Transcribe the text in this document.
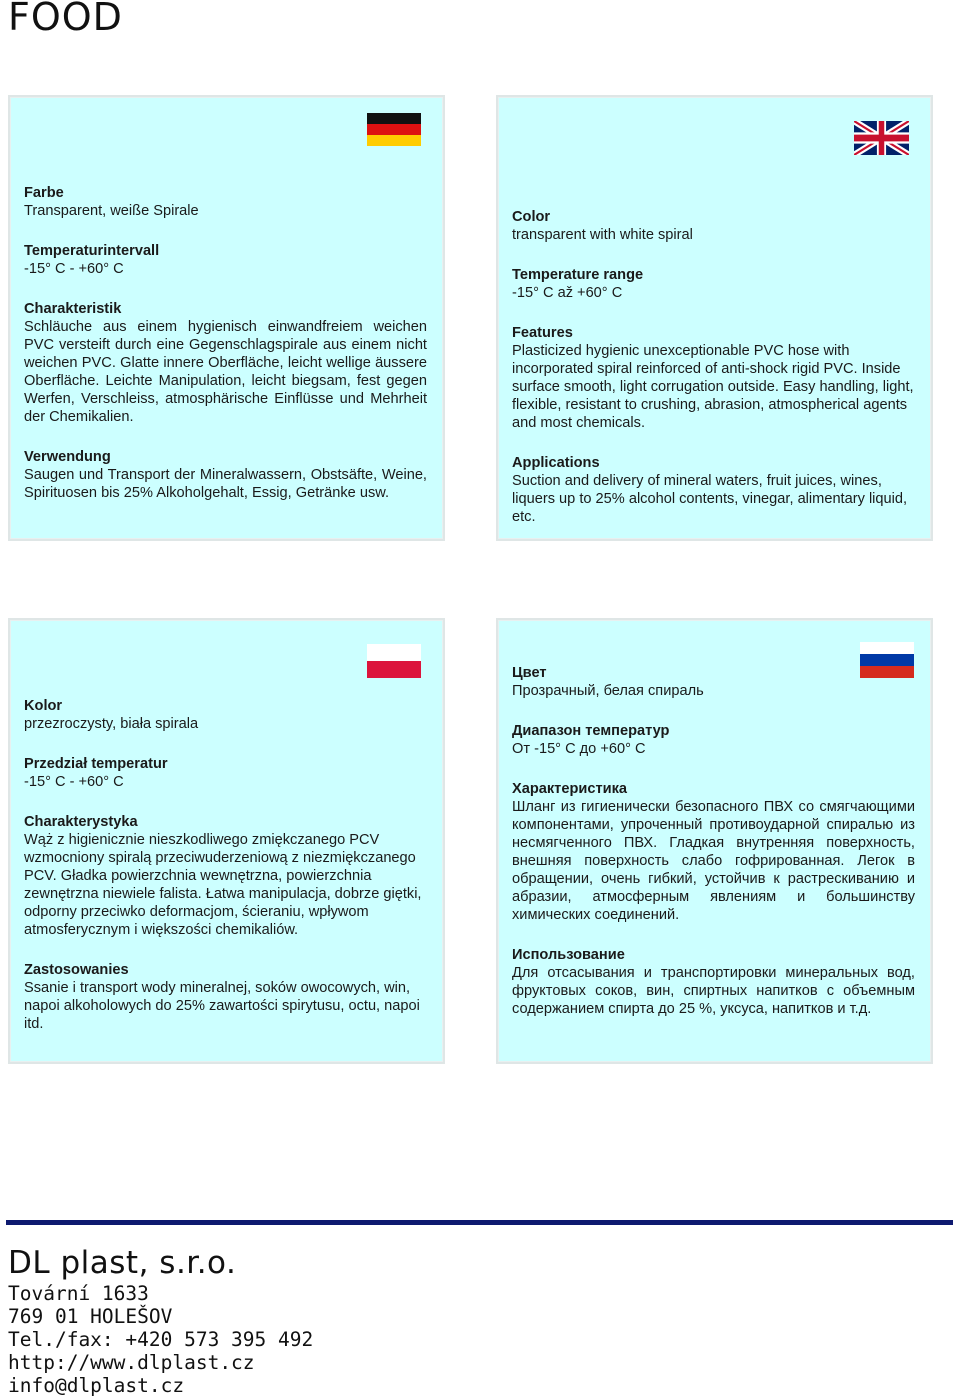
FOOD
Farbe
Transparent, weiße Spirale
Temperaturintervall
-15° C - +60° C
Charakteristik
Schläuche aus einem hygienisch einwandfreiem weichen PVC versteift durch eine Gegenschlagspirale aus einem nicht weichen PVC. Glatte innere Oberfläche, leicht wellige äussere Oberfläche. Leichte Manipulation, leicht biegsam, fest gegen Werfen, Verschleiss, atmosphärische Einflüsse und Mehrheit der Chemikalien.
Verwendung
Saugen und Transport der Mineralwassern, Obstsäfte, Weine, Spirituosen bis 25% Alkoholgehalt, Essig, Getränke usw.
Color
transparent with white spiral
Temperature range
-15° C až +60° C
Features
Plasticized hygienic unexceptionable PVC hose with incorporated spiral reinforced of anti-shock rigid PVC. Inside surface smooth, light corrugation outside. Easy handling, light, flexible, resistant to crushing, abrasion, atmospherical agents and most chemicals.
Applications
Suction and delivery of mineral waters, fruit juices, wines, liquers up to 25% alcohol contents, vinegar, alimentary liquid, etc.
Kolor
przezroczysty, biała spirala
Przedział temperatur
-15° C - +60° C
Charakterystyka
Wąż z higienicznie nieszkodliwego zmiękczanego PCV wzmocniony spiralą przeciwuderzeniową z niezmiękczanego PCV. Gładka powierzchnia wewnętrzna, powierzchnia zewnętrzna niewiele falista. Łatwa manipulacja, dobrze giętki, odporny przeciwko deformacjom, ścieraniu, wpływom atmosferycznym i większości chemikaliów.
Zastosowanies
Ssanie i transport wody mineralnej, soków owocowych, win, napoi alkoholowych do 25% zawartości spirytusu, octu, napoi itd.
Цвет
Прозрачный, белая спираль
Диапазон температур
От -15° C до +60° C
Характеристика
Шланг из гигиенически безопасного ПВХ со смягчающими компонентами, упроченный противоударной спиралью из несмягченного ПВХ. Гладкая внутренняя поверхность, внешняя поверхность слабо гофрированная. Легок в обращении, очень гибкий, устойчив к растрескиванию и абразии, атмосферным явлениям и большинству химических соединений.
Использование
Для отсасывания и транспортировки минеральных вод, фруктовых соков, вин, спиртных напитков с объемным содержанием спирта до 25 %, уксуса, напитков и т.д.
DL plast, s.r.o.
Tovární 1633
769 01 HOLEŠOV
Tel./fax: +420 573 395 492
http://www.dlplast.cz
info@dlplast.cz
